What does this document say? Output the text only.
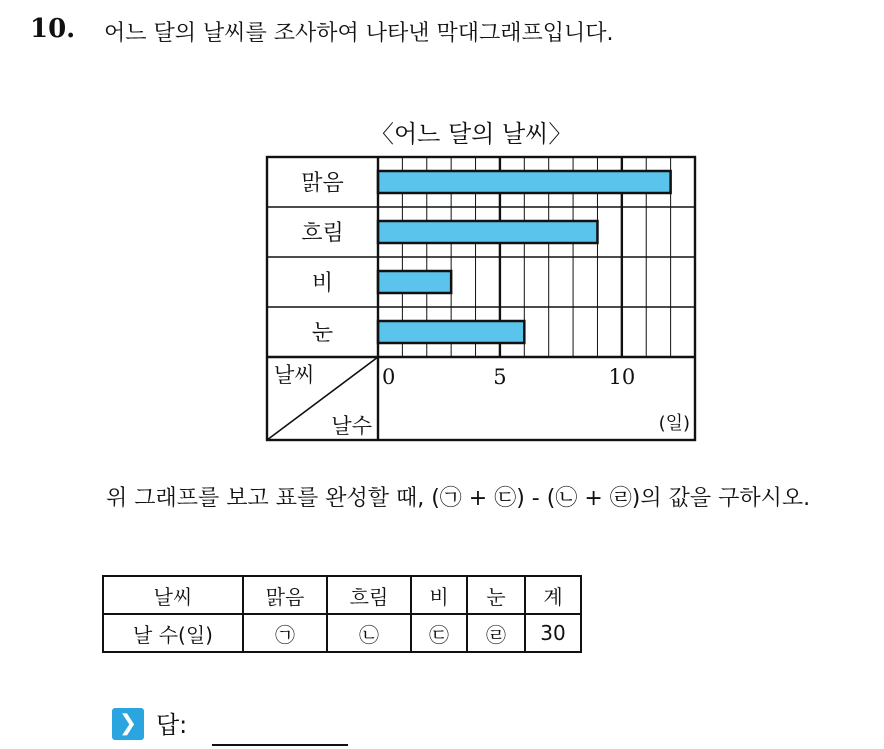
10. 어느 달의 날씨를 조사하여 나타낸 막대그래프입니다.
〈어느 달의 날씨〉
맑음
흐림
비
눈
0	5	10
(일)
날씨
날수
위 그래프를 보고 표를 완성할 때, (㉠ + ㉢) - (㉡ + ㉣)의 값을 구하시오.
날씨	맑음	흐림	비	눈	계
날 수(일)	㉠	㉡	㉢	㉣	30
❯ 답:
